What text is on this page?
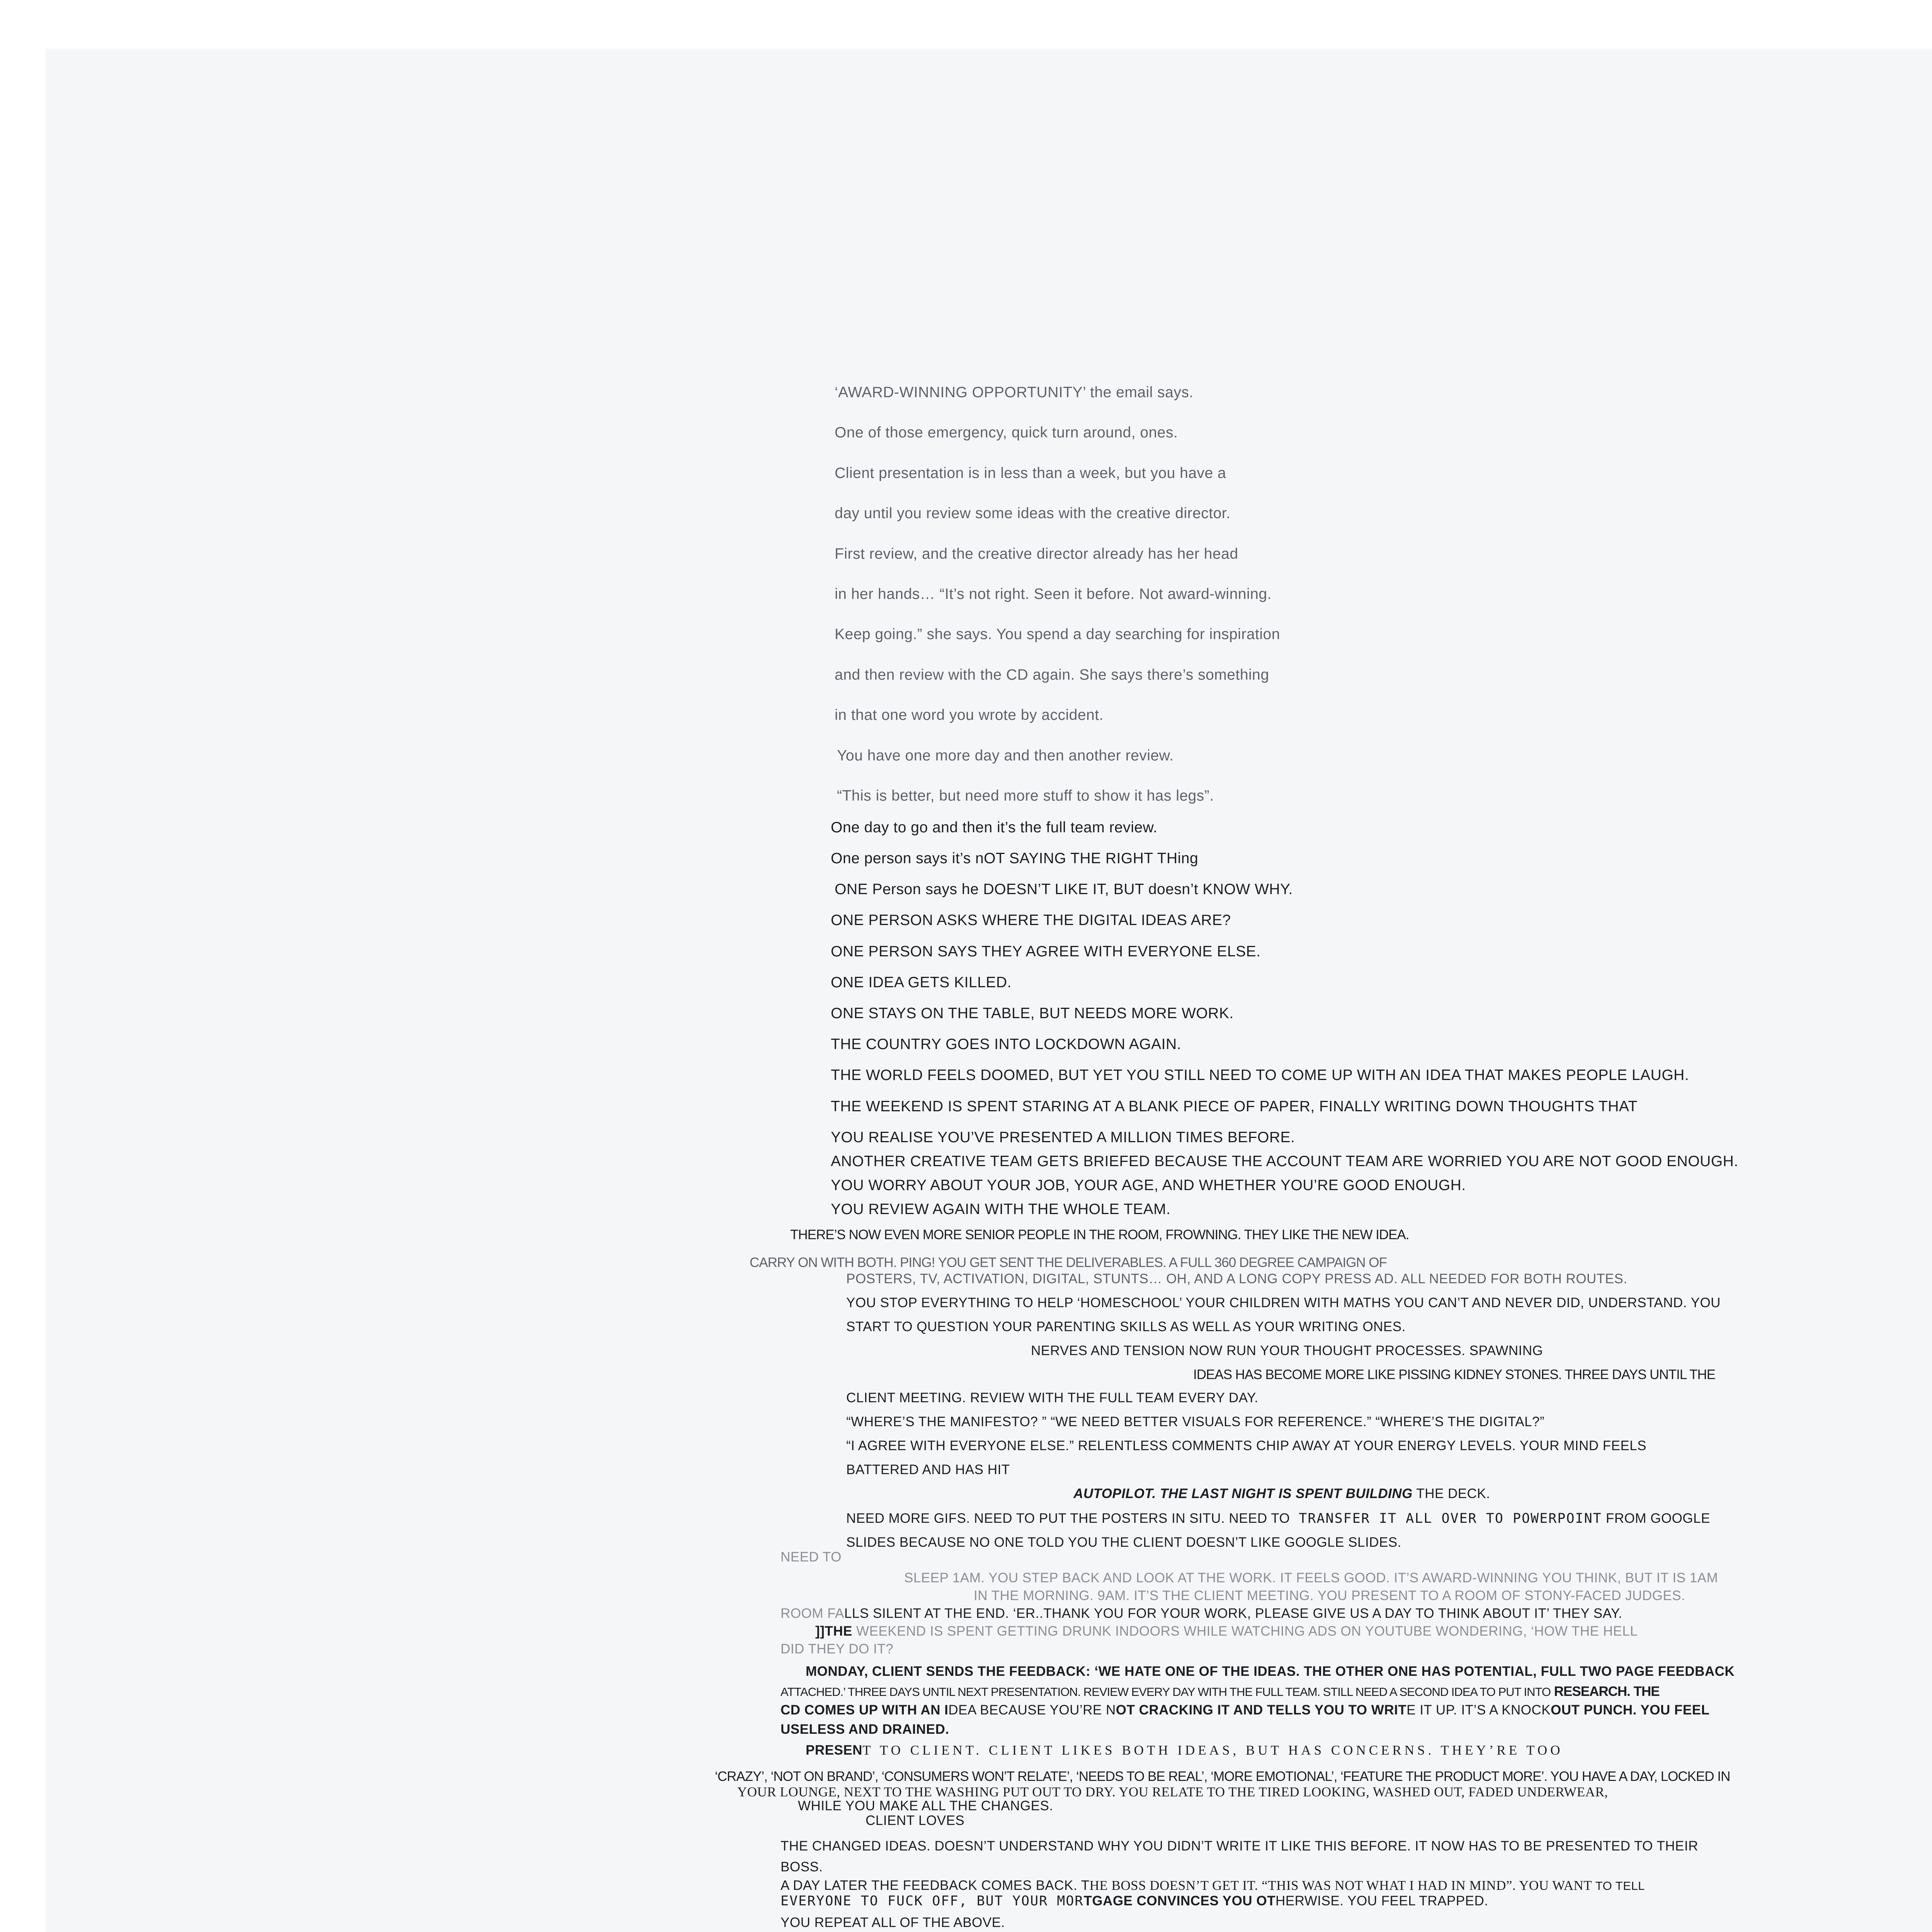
‘AWARD-WINNING OPPORTUNITY’ the email says.
One of those emergency, quick turn around, ones.
Client presentation is in less than a week, but you have a
day until you review some ideas with the creative director.
First review, and the creative director already has her head
in her hands… “It’s not right. Seen it before. Not award-winning.
Keep going.” she says. You spend a day searching for inspiration
and then review with the CD again. She says there’s something
in that one word you wrote by accident.
You have one more day and then another review.
“This is better, but need more stuff to show it has legs”.
One day to go and then it’s the full team review.
One person says it’s nOT SAYING THE RIGHT THing
ONE Person says he DOESN’T LIKE IT, BUT doesn’t KNOW WHY.
ONE PERSON ASKS WHERE THE DIGITAL IDEAS ARE?
ONE PERSON SAYS THEY AGREE WITH EVERYONE ELSE.
ONE IDEA GETS KILLED.
ONE STAYS ON THE TABLE, BUT NEEDS MORE WORK.
THE COUNTRY GOES INTO LOCKDOWN AGAIN.
THE WORLD FEELS DOOMED, BUT YET YOU STILL NEED TO COME UP WITH AN IDEA THAT MAKES PEOPLE LAUGH.
THE WEEKEND IS SPENT STARING AT A BLANK PIECE OF PAPER, FINALLY WRITING DOWN THOUGHTS THAT
YOU REALISE YOU’VE PRESENTED A MILLION TIMES BEFORE.
ANOTHER CREATIVE TEAM GETS BRIEFED BECAUSE THE ACCOUNT TEAM ARE WORRIED YOU ARE NOT GOOD ENOUGH.
YOU WORRY ABOUT YOUR JOB, YOUR AGE, AND WHETHER YOU’RE GOOD ENOUGH.
YOU REVIEW AGAIN WITH THE WHOLE TEAM.
THERE’S NOW EVEN MORE SENIOR PEOPLE IN THE ROOM, FROWNING. THEY LIKE THE NEW IDEA.
CARRY ON WITH BOTH. PING! YOU GET SENT THE DELIVERABLES. A FULL 360 DEGREE CAMPAIGN OF
POSTERS, TV, ACTIVATION, DIGITAL, STUNTS… OH, AND A LONG COPY PRESS AD. ALL NEEDED FOR BOTH ROUTES.
YOU STOP EVERYTHING TO HELP ‘HOMESCHOOL’ YOUR CHILDREN WITH MATHS YOU CAN’T AND NEVER DID, UNDERSTAND. YOU
START TO QUESTION YOUR PARENTING SKILLS AS WELL AS YOUR WRITING ONES.
NERVES AND TENSION NOW RUN YOUR THOUGHT PROCESSES. SPAWNING
IDEAS HAS BECOME MORE LIKE PISSING KIDNEY STONES. THREE DAYS UNTIL THE
CLIENT MEETING. REVIEW WITH THE FULL TEAM EVERY DAY.
“WHERE’S THE MANIFESTO? ” “WE NEED BETTER VISUALS FOR REFERENCE.” “WHERE’S THE DIGITAL?”
“I AGREE WITH EVERYONE ELSE.” RELENTLESS COMMENTS CHIP AWAY AT YOUR ENERGY LEVELS. YOUR MIND FEELS
BATTERED AND HAS HIT
AUTOPILOT. THE LAST NIGHT IS SPENT BUILDING THE DECK.
NEED MORE GIFS. NEED TO PUT THE POSTERS IN SITU. NEED TO TRANSFER IT ALL OVER TO POWERPOINT FROM GOOGLE
NEED TO
SLIDES BECAUSE NO ONE TOLD YOU THE CLIENT DOESN’T LIKE GOOGLE SLIDES.
SLEEP 1AM. YOU STEP BACK AND LOOK AT THE WORK. IT FEELS GOOD. IT’S AWARD-WINNING YOU THINK, BUT IT IS 1AM
IN THE MORNING. 9AM. IT’S THE CLIENT MEETING. YOU PRESENT TO A ROOM OF STONY-FACED JUDGES.
ROOM FALLS SILENT AT THE END. ‘ER..THANK YOU FOR YOUR WORK, PLEASE GIVE US A DAY TO THINK ABOUT IT’ THEY SAY.
]]THE WEEKEND IS SPENT GETTING DRUNK INDOORS WHILE WATCHING ADS ON YOUTUBE WONDERING, ‘HOW THE HELL
DID THEY DO IT?
MONDAY, CLIENT SENDS THE FEEDBACK: ‘WE HATE ONE OF THE IDEAS. THE OTHER ONE HAS POTENTIAL, FULL TWO PAGE FEEDBACK
ATTACHED.’ THREE DAYS UNTIL NEXT PRESENTATION. REVIEW EVERY DAY WITH THE FULL TEAM. STILL NEED A SECOND IDEA TO PUT INTO RESEARCH. THE
CD COMES UP WITH AN IDEA BECAUSE YOU’RE NOT CRACKING IT AND TELLS YOU TO WRITE IT UP. IT’S A KNOCKOUT PUNCH. YOU FEEL
USELESS AND DRAINED.
PRESENT TO CLIENT. CLIENT LIKES BOTH IDEAS, BUT HAS CONCERNS. THEY’RE TOO
‘CRAZY’, ‘NOT ON BRAND’, ‘CONSUMERS WON’T RELATE’, ‘NEEDS TO BE REAL’, ‘MORE EMOTIONAL’, ‘FEATURE THE PRODUCT MORE’. YOU HAVE A DAY, LOCKED IN
YOUR LOUNGE, NEXT TO THE WASHING PUT OUT TO DRY. YOU RELATE TO THE TIRED LOOKING, WASHED OUT, FADED UNDERWEAR,
WHILE YOU MAKE ALL THE CHANGES.
CLIENT LOVES
THE CHANGED IDEAS. DOESN’T UNDERSTAND WHY YOU DIDN’T WRITE IT LIKE THIS BEFORE. IT NOW HAS TO BE PRESENTED TO THEIR
BOSS.
A DAY LATER THE FEEDBACK COMES BACK. THE BOSS DOESN’T GET IT. “THIS WAS NOT WHAT I HAD IN MIND”. YOU WANT TO TELL
EVERYONE TO FUCK OFF, BUT YOUR MORTGAGE CONVINCES YOU OTHERWISE. YOU FEEL TRAPPED.
YOU REPEAT ALL OF THE ABOVE.
